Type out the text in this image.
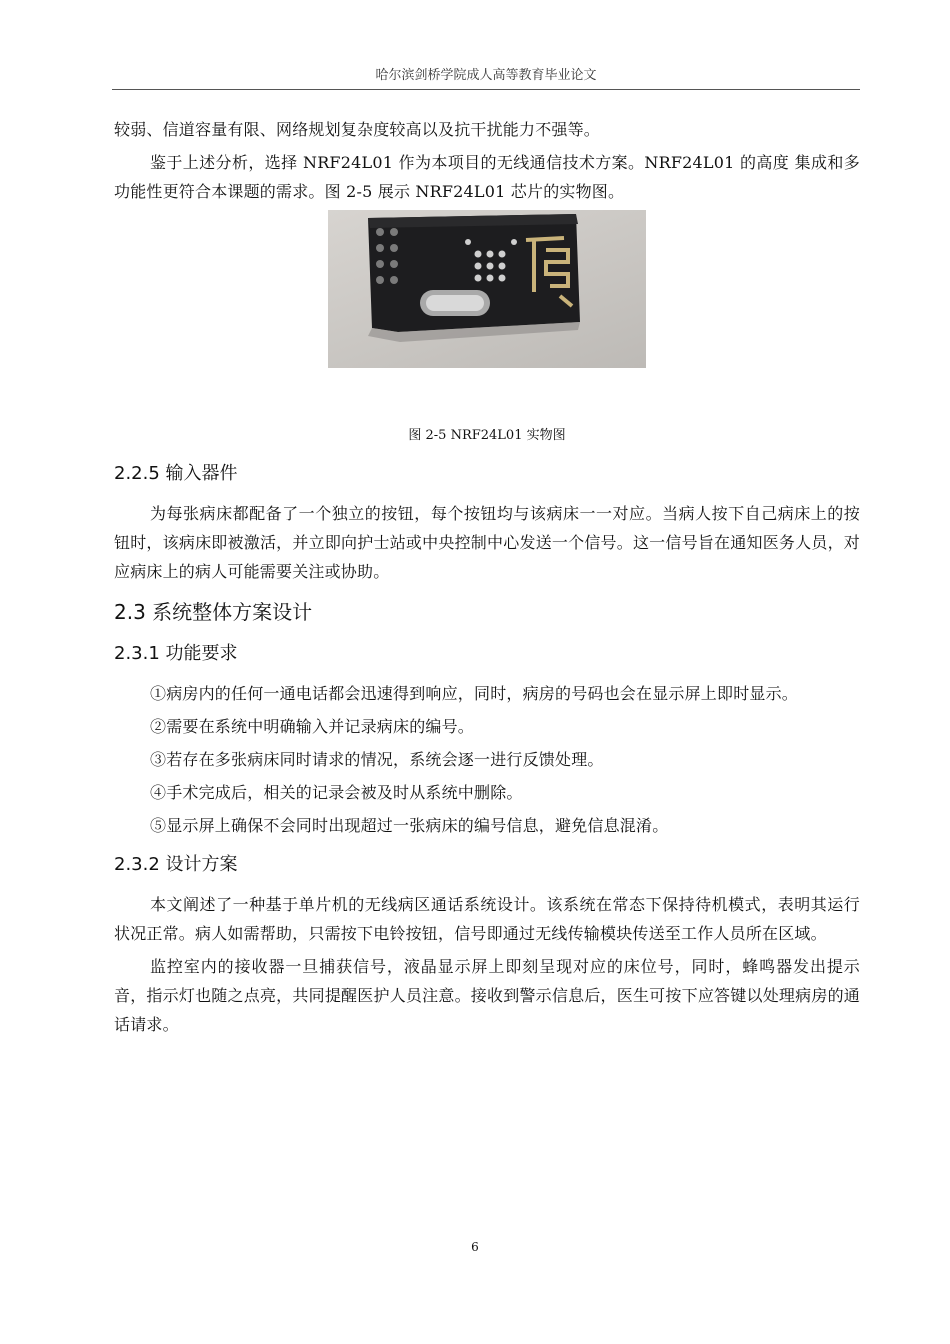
哈尔滨剑桥学院成人高等教育毕业论文

较弱、信道容量有限、网络规划复杂度较高以及抗干扰能力不强等。

鉴于上述分析，选择 NRF24L01 作为本项目的无线通信技术方案。NRF24L01 的高度 集成和多功能性更符合本课题的需求。图 2-5 展示 NRF24L01 芯片的实物图。

图 2-5 NRF24L01 实物图
2.2.5 输入器件

为每张病床都配备了一个独立的按钮，每个按钮均与该病床一一对应。当病人按下自己病床上的按钮时，该病床即被激活，并立即向护士站或中央控制中心发送一个信号。这一信号旨在通知医务人员，对应病床上的病人可能需要关注或协助。

2.3 系统整体方案设计
2.3.1 功能要求

①病房内的任何一通电话都会迅速得到响应，同时，病房的号码也会在显示屏上即时显示。

②需要在系统中明确输入并记录病床的编号。

③若存在多张病床同时请求的情况，系统会逐一进行反馈处理。

④手术完成后，相关的记录会被及时从系统中删除。

⑤显示屏上确保不会同时出现超过一张病床的编号信息，避免信息混淆。

2.3.2 设计方案

本文阐述了一种基于单片机的无线病区通话系统设计。该系统在常态下保持待机模式，表明其运行状况正常。病人如需帮助，只需按下电铃按钮，信号即通过无线传输模块传送至工作人员所在区域。

监控室内的接收器一旦捕获信号，液晶显示屏上即刻呈现对应的床位号，同时，蜂鸣器发出提示音，指示灯也随之点亮，共同提醒医护人员注意。接收到警示信息后，医生可按下应答键以处理病房的通话请求。

6
